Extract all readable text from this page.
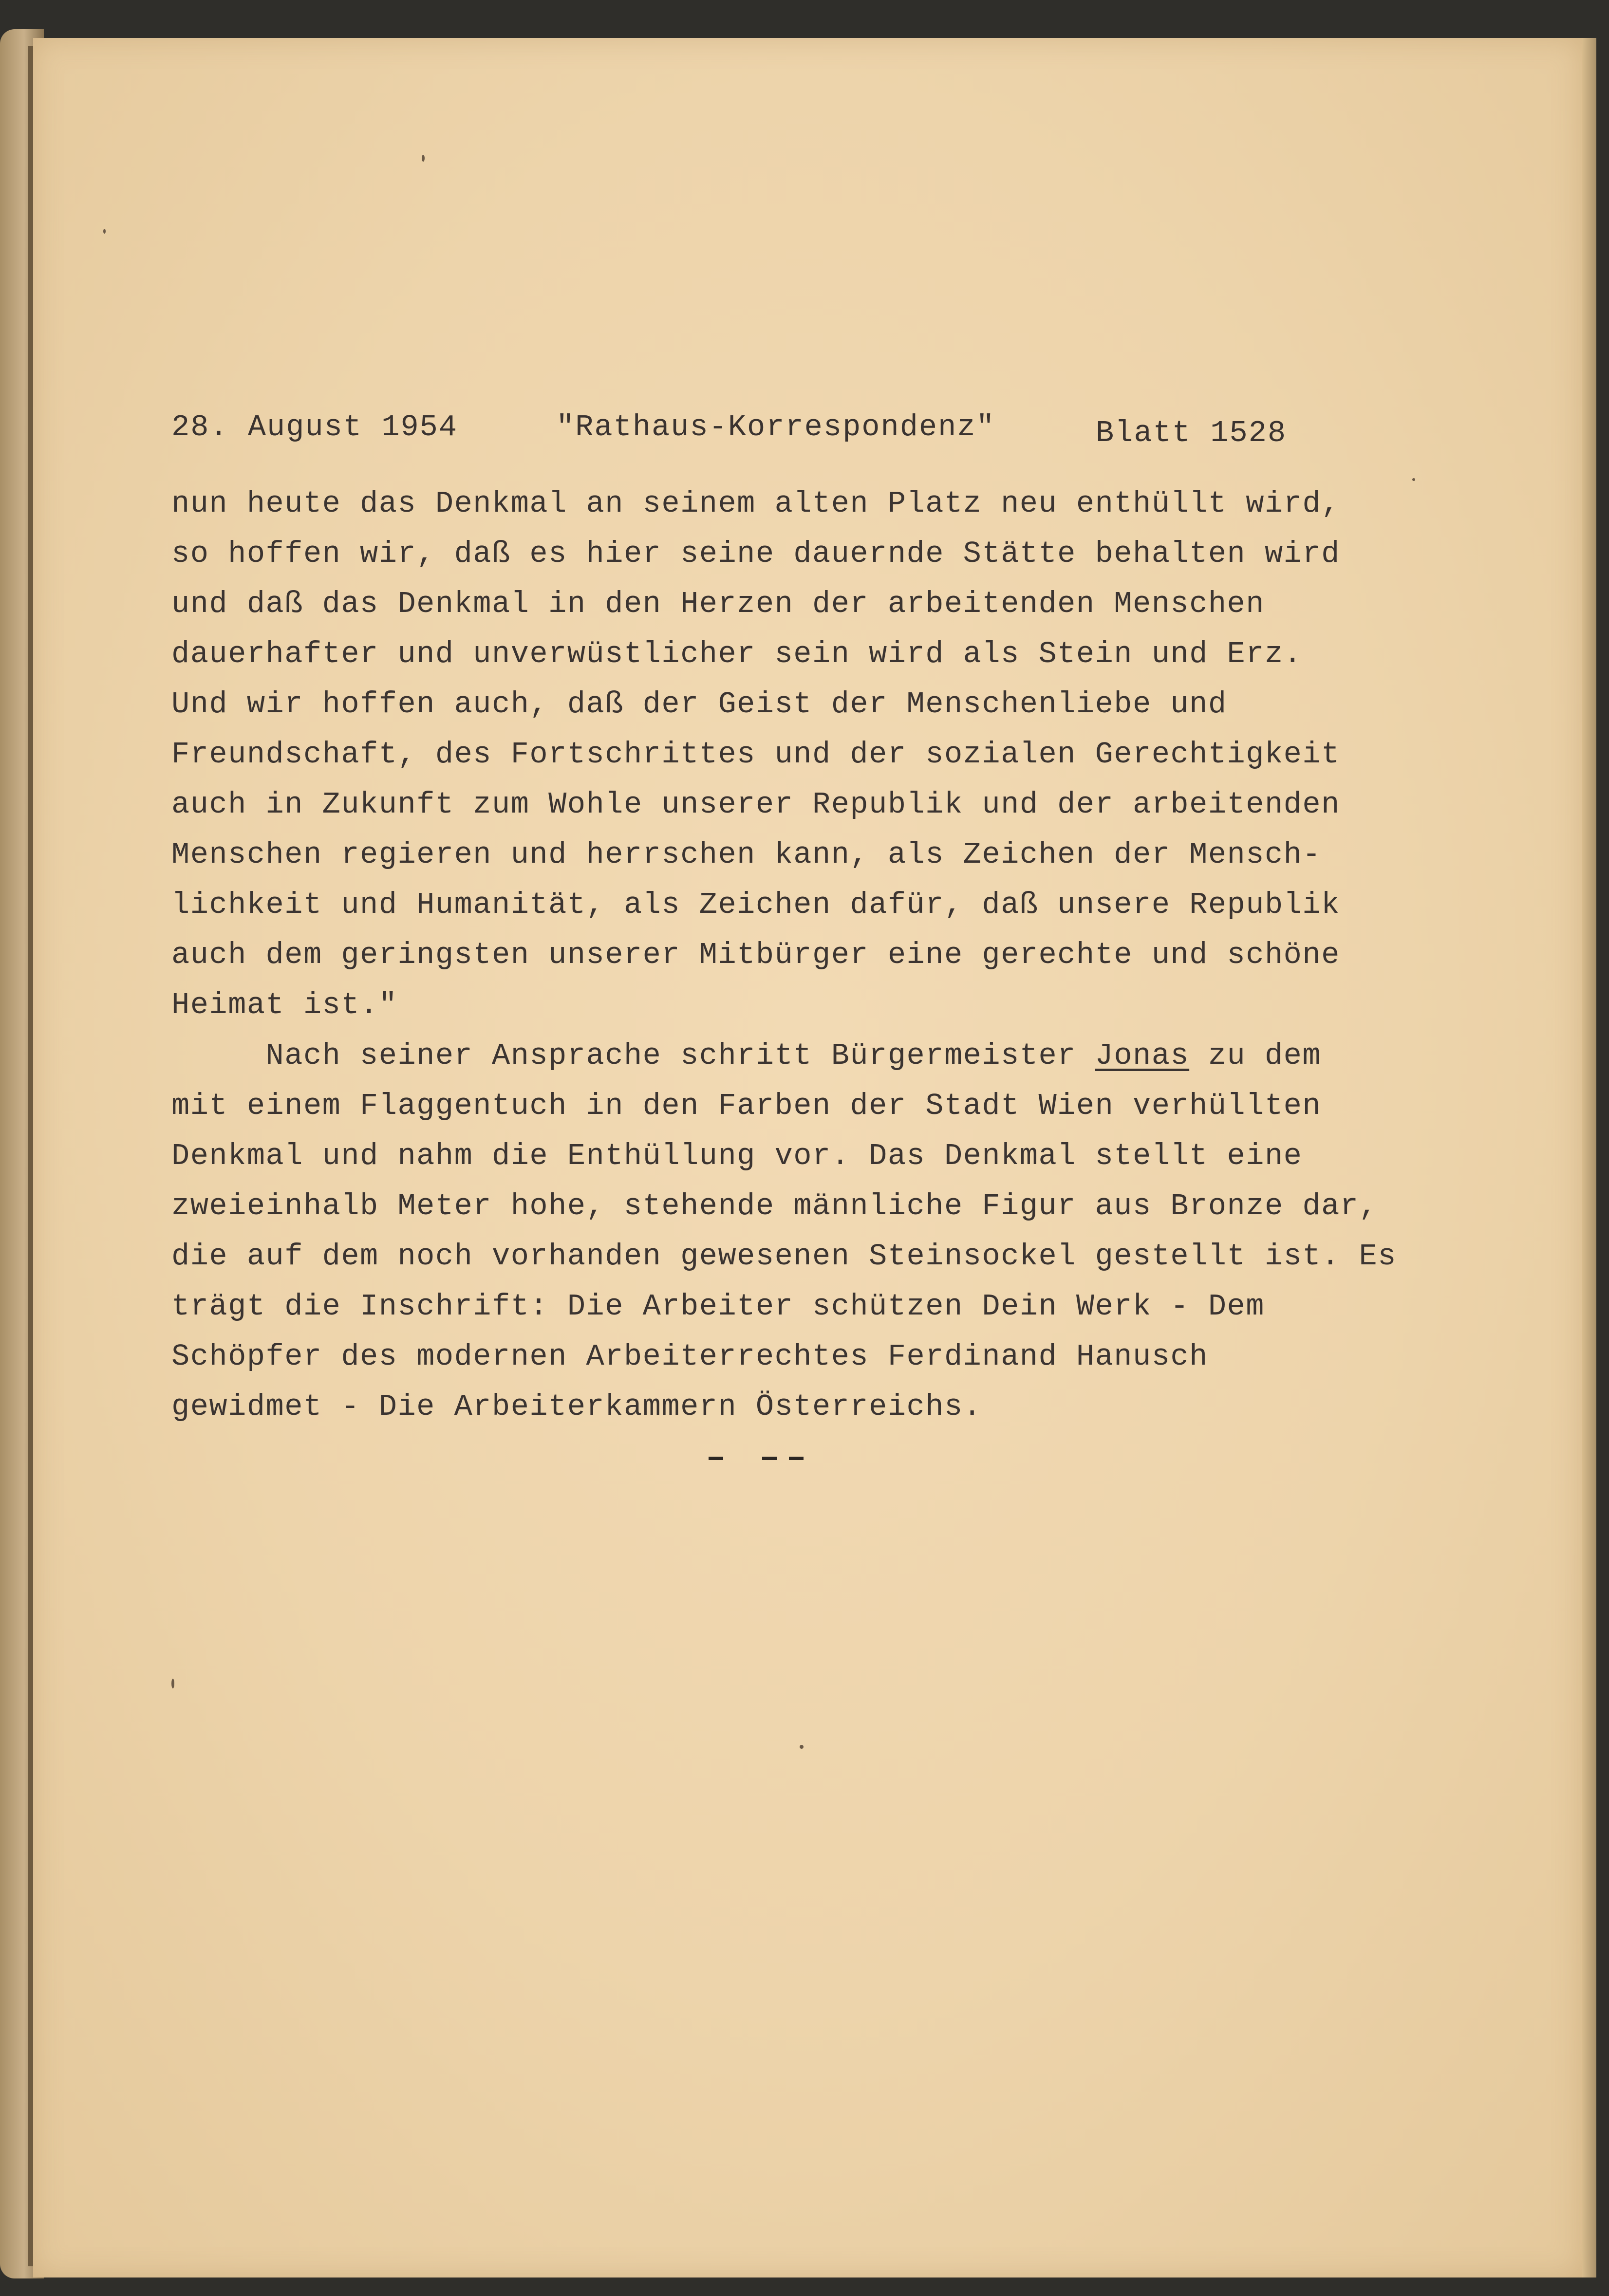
28. August 1954	"Rathaus-Korrespondenz"	Blatt 1528
nun heute das Denkmal an seinem alten Platz neu enthüllt wird,
so hoffen wir, daß es hier seine dauernde Stätte behalten wird
und daß das Denkmal in den Herzen der arbeitenden Menschen
dauerhafter und unverwüstlicher sein wird als Stein und Erz.
Und wir hoffen auch, daß der Geist der Menschenliebe und
Freundschaft, des Fortschrittes und der sozialen Gerechtigkeit
auch in Zukunft zum Wohle unserer Republik und der arbeitenden
Menschen regieren und herrschen kann, als Zeichen der Mensch-
lichkeit und Humanität, als Zeichen dafür, daß unsere Republik
auch dem geringsten unserer Mitbürger eine gerechte und schöne
Heimat ist."
Nach seiner Ansprache schritt Bürgermeister Jonas zu dem
mit einem Flaggentuch in den Farben der Stadt Wien verhüllten
Denkmal und nahm die Enthüllung vor. Das Denkmal stellt eine
zweieinhalb Meter hohe, stehende männliche Figur aus Bronze dar,
die auf dem noch vorhanden gewesenen Steinsockel gestellt ist. Es
trägt die Inschrift: Die Arbeiter schützen Dein Werk - Dem
Schöpfer des modernen Arbeiterrechtes Ferdinand Hanusch
gewidmet - Die Arbeiterkammern Österreichs.
